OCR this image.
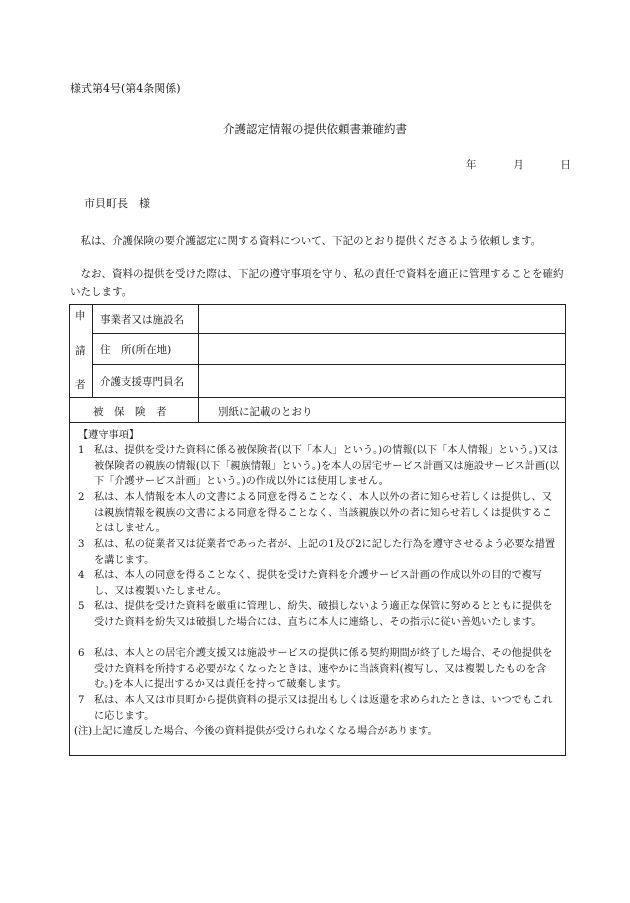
様式第4号(第4条関係)
介護認定情報の提供依頼書兼確約書
年	月	日
市貝町長　様
　私は、介護保険の要介護認定に関する資料について、下記のとおり提供くださるよう依頼します。
　なお、資料の提供を受けた際は、下記の遵守事項を守り、私の責任で資料を適正に管理することを確約いたします。
申
請
者
事業者又は施設名
住　所(所在地)
介護支援専門員名
被　保　険　者	別紙に記載のとおり
【遵守事項】
1 私は、提供を受けた資料に係る被保険者(以下「本人」という。)の情報(以下「本人情報」という。)又は被保険者の親族の情報(以下「親族情報」という。)を本人の居宅サービス計画又は施設サービス計画(以下「介護サービス計画」という。)の作成以外には使用しません。
2 私は、本人情報を本人の文書による同意を得ることなく、本人以外の者に知らせ若しくは提供し、又は親族情報を親族の文書による同意を得ることなく、当該親族以外の者に知らせ若しくは提供することはしません。
3 私は、私の従業者又は従業者であった者が、上記の1及び2に記した行為を遵守させるよう必要な措置を講じます。
4 私は、本人の同意を得ることなく、提供を受けた資料を介護サービス計画の作成以外の目的で複写し、又は複製いたしません。
5 私は、提供を受けた資料を厳重に管理し、紛失、破損しないよう適正な保管に努めるとともに提供を受けた資料を紛失又は破損した場合には、直ちに本人に連絡し、その指示に従い善処いたします。
6 私は、本人との居宅介護支援又は施設サービスの提供に係る契約期間が終了した場合、その他提供を受けた資料を所持する必要がなくなったときは、速やかに当該資料(複写し、又は複製したものを含む。)を本人に提出するか又は責任を持って破棄します。
7 私は、本人又は市貝町から提供資料の提示又は提出もしくは返還を求められたときは、いつでもこれに応じます。
(注)上記に違反した場合、今後の資料提供が受けられなくなる場合があります。
